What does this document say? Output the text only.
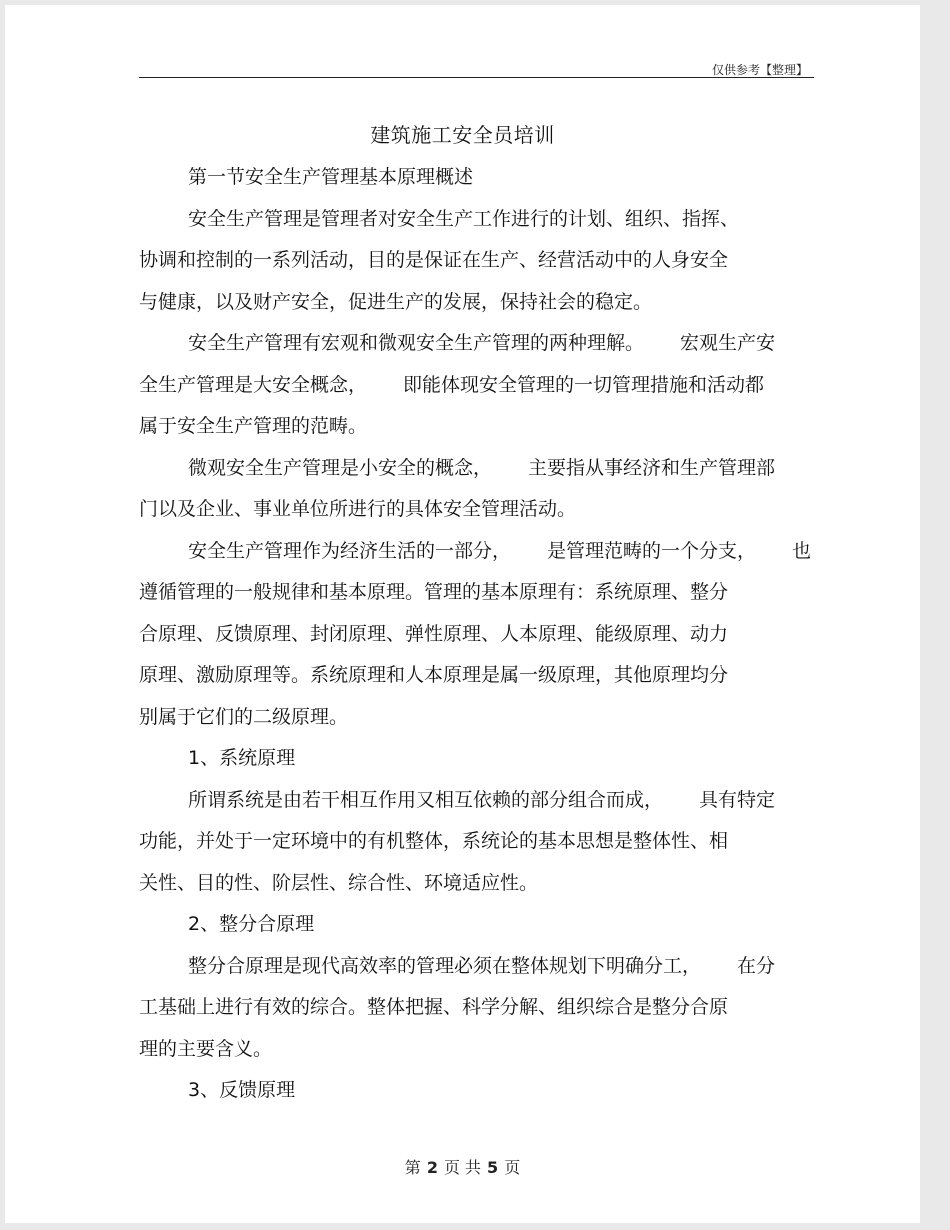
仅供参考【整理】
建筑施工安全员培训
第一节安全生产管理基本原理概述
安全生产管理是管理者对安全生产工作进行的计划、组织、指挥、
协调和控制的一系列活动，目的是保证在生产、经营活动中的人身安全
与健康，以及财产安全，促进生产的发展，保持社会的稳定。
安全生产管理有宏观和微观安全生产管理的两种理解。 宏观生产安
全生产管理是大安全概念， 即能体现安全管理的一切管理措施和活动都
属于安全生产管理的范畴。
微观安全生产管理是小安全的概念， 主要指从事经济和生产管理部
门以及企业、事业单位所进行的具体安全管理活动。
安全生产管理作为经济生活的一部分， 是管理范畴的一个分支， 也
遵循管理的一般规律和基本原理。管理的基本原理有：系统原理、整分
合原理、反馈原理、封闭原理、弹性原理、人本原理、能级原理、动力
原理、激励原理等。系统原理和人本原理是属一级原理，其他原理均分
别属于它们的二级原理。
1、系统原理
所谓系统是由若干相互作用又相互依赖的部分组合而成， 具有特定
功能，并处于一定环境中的有机整体，系统论的基本思想是整体性、相
关性、目的性、阶层性、综合性、环境适应性。
2、整分合原理
整分合原理是现代高效率的管理必须在整体规划下明确分工， 在分
工基础上进行有效的综合。整体把握、科学分解、组织综合是整分合原
理的主要含义。
3、反馈原理
第 2 页 共 5 页
